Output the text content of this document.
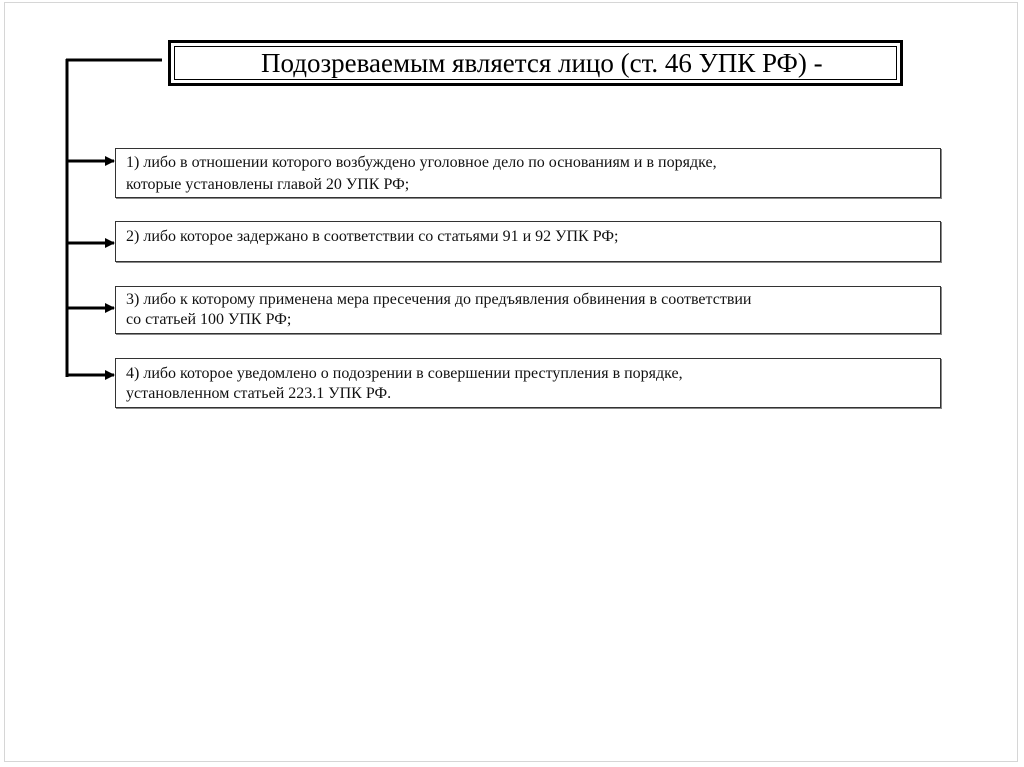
Подозреваемым является лицо (ст. 46 УПК РФ) -
1) либо в отношении которого возбуждено уголовное дело по основаниям и в порядке,
которые установлены главой 20 УПК РФ;
2) либо которое задержано в соответствии со статьями 91 и 92 УПК РФ;
3) либо к которому применена мера пресечения до предъявления обвинения в соответствии
со статьей 100 УПК РФ;
4) либо которое уведомлено о подозрении в совершении преступления в порядке,
установленном статьей 223.1 УПК РФ.
